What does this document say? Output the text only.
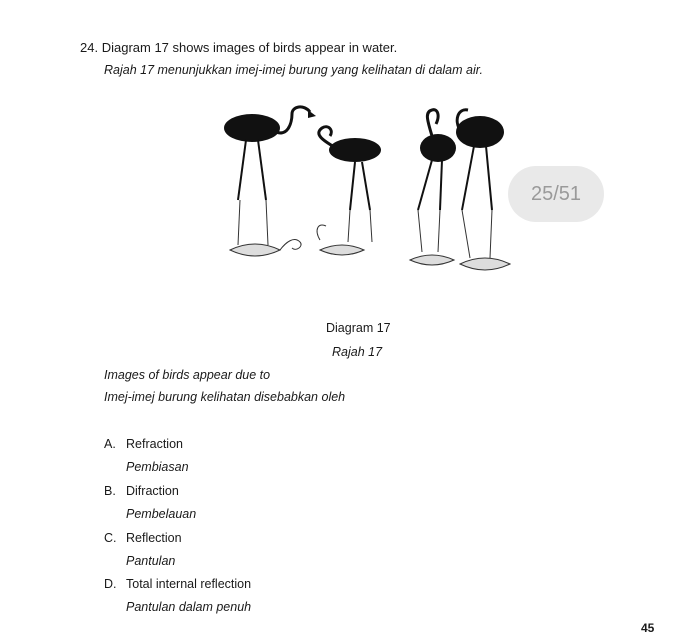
24. Diagram 17 shows images of birds appear in water.
Rajah 17 menunjukkan imej-imej burung yang kelihatan di dalam air.
25/51
Diagram 17
Rajah 17
Images of birds appear due to
Imej-imej burung kelihatan disebabkan oleh
A. Refraction
Pembiasan
B. Difraction
Pembelauan
C. Reflection
Pantulan
D. Total internal reflection
Pantulan dalam penuh
45
